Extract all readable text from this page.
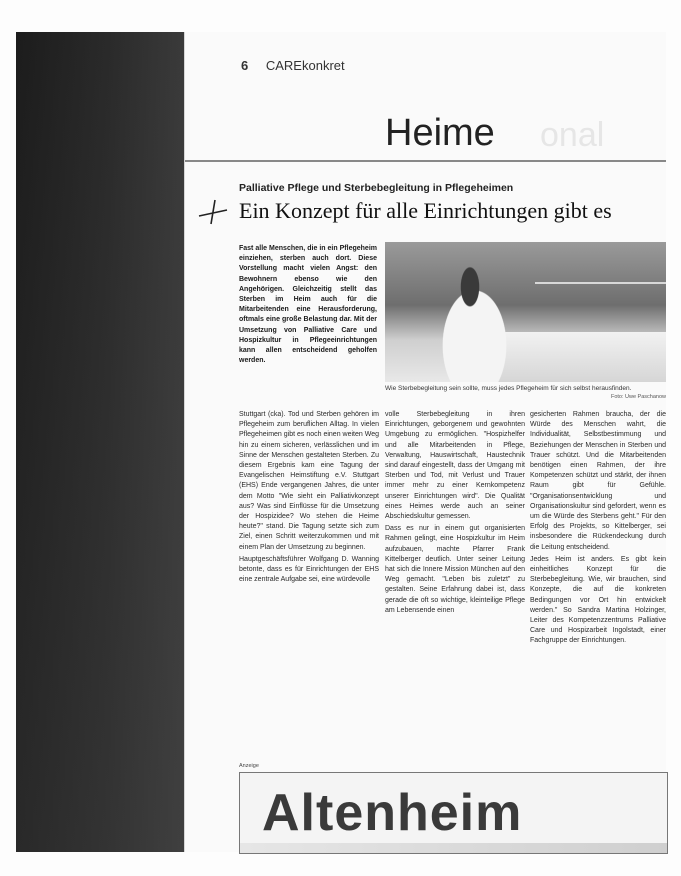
6 CAREkonkret
onal
Heime
Palliative Pflege und Sterbebegleitung in Pflegeheimen
Ein Konzept für alle Einrichtungen gibt es
Fast alle Menschen, die in ein Pflegeheim einziehen, sterben auch dort. Diese Vorstellung macht vielen Angst: den Bewohnern ebenso wie den Angehörigen. Gleichzeitig stellt das Sterben im Heim auch für die Mitarbeitenden eine Herausforderung, oftmals eine große Belastung dar. Mit der Umsetzung von Palliative Care und Hospizkultur in Pflegeeinrichtungen kann allen entscheidend geholfen werden.
Wie Sterbebegleitung sein sollte, muss jedes Pflegeheim für sich selbst herausfinden.
Foto: Uwe Paschanow

Stuttgart (cka). Tod und Sterben gehören im Pflegeheim zum beruflichen Alltag. In vielen Pflegeheimen gibt es noch einen weiten Weg hin zu einem sicheren, verlässlichen und im Sinne der Menschen gestalteten Sterben. Zu diesem Ergebnis kam eine Tagung der Evangelischen Heimstiftung e.V. Stuttgart (EHS) Ende vergangenen Jahres, die unter dem Motto "Wie sieht ein Palliativkonzept aus? Was sind Einflüsse für die Umsetzung der Hospizidee? Wo stehen die Heime heute?" stand. Die Tagung setzte sich zum Ziel, einen Schritt weiterzukommen und mit einem Plan der Umsetzung zu beginnen.

Hauptgeschäftsführer Wolfgang D. Wanning betonte, dass es für Einrichtungen der EHS eine zentrale Aufgabe sei, eine würdevolle

volle Sterbebegleitung in ihren Einrichtungen, geborgenem und gewohnten Umgebung zu ermöglichen. "Hospizhelfer und alle Mitarbeitenden in Pflege, Verwaltung, Hauswirtschaft, Haustechnik sind darauf eingestellt, dass der Umgang mit Sterben und Tod, mit Verlust und Trauer immer mehr zu einer Kernkompetenz unserer Einrichtungen wird". Die Qualität eines Heimes werde auch an seiner Abschiedskultur gemessen.

Dass es nur in einem gut organisierten Rahmen gelingt, eine Hospizkultur im Heim aufzubauen, machte Pfarrer Frank Kittelberger deutlich. Unter seiner Leitung hat sich die Innere Mission München auf den Weg gemacht. "Leben bis zuletzt" zu gestalten. Seine Erfahrung dabei ist, dass gerade die oft so wichtige, kleinteilige Pflege am Lebensende einen

gesicherten Rahmen braucha, der die Würde des Menschen wahrt, die Individualität, Selbstbestimmung und Beziehungen der Menschen in Sterben und Trauer schützt. Und die Mitarbeitenden benötigen einen Rahmen, der ihre Kompetenzen schützt und stärkt, der ihnen Raum gibt für Gefühle. "Organisationsentwicklung und Organisationskultur sind gefordert, wenn es um die Würde des Sterbens geht." Für den Erfolg des Projekts, so Kittelberger, sei insbesondere die Rückendeckung durch die Leitung entscheidend.

Jedes Heim ist anders. Es gibt kein einheitliches Konzept für die Sterbebegleitung. Wie, wir brauchen, sind Konzepte, die auf die konkreten Bedingungen vor Ort hin entwickelt werden." So Sandra Martina Holzinger, Leiter des Kompetenzzentrums Palliative Care und Hospizarbeit Ingolstadt, einer Fachgruppe der Einrichtungen.

Anzeige
Altenheim
